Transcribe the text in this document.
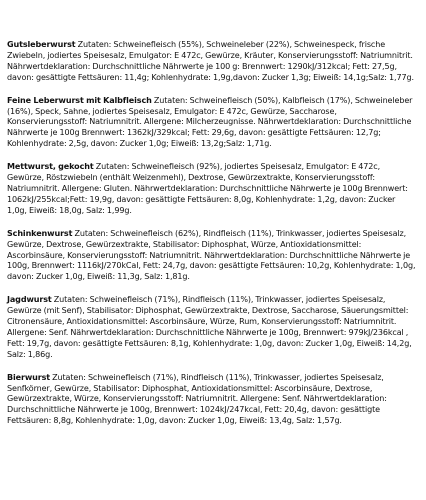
Gutsleberwurst Zutaten: Schweinefleisch (55%), Schweineleber (22%), Schweinespeck, frische Zwiebeln, jodiertes Speisesalz, Emulgator: E 472c, Gewürze, Kräuter, Konservierungsstoff: Natriumnitrit. Nährwertdeklaration: Durchschnittliche Nährwerte je 100 g: Brennwert: 1290kJ/312kcal; Fett: 27,5g, davon: gesättigte Fettsäuren: 11,4g; Kohlenhydrate: 1,9g,davon: Zucker 1,3g; Eiweiß: 14,1g;Salz: 1,77g.

Feine Leberwurst mit Kalbfleisch Zutaten: Schweinefleisch (50%), Kalbfleisch (17%), Schweineleber (16%), Speck, Sahne, jodiertes Speisesalz, Emulgator: E 472c, Gewürze, Saccharose, Konservierungsstoff: Natriumnitrit. Allergene: Milcherzeugnisse. Nährwertdeklaration: Durchschnittliche Nährwerte je 100g Brennwert: 1362kJ/329kcal; Fett: 29,6g, davon: gesättigte Fettsäuren: 12,7g; Kohlenhydrate: 2,5g, davon: Zucker 1,0g; Eiweiß: 13,2g;Salz: 1,71g.

Mettwurst, gekocht Zutaten: Schweinefleisch (92%), jodiertes Speisesalz, Emulgator: E 472c, Gewürze, Röstzwiebeln (enthält Weizenmehl), Dextrose, Gewürzextrakte, Konservierungsstoff: Natriumnitrit. Allergene: Gluten. Nährwertdeklaration: Durchschnittliche Nährwerte je 100g Brennwert: 1062kJ/255kcal;Fett: 19,9g, davon: gesättigte Fettsäuren: 8,0g, Kohlenhydrate: 1,2g, davon: Zucker 1,0g, Eiweiß: 18,0g, Salz: 1,99g.

Schinkenwurst Zutaten: Schweinefleisch (62%), Rindfleisch (11%), Trinkwasser, jodiertes Speisesalz, Gewürze, Dextrose, Gewürzextrakte, Stabilisator: Diphosphat, Würze, Antioxidationsmittel: Ascorbinsäure, Konservierungsstoff: Natriumnitrit. Nährwertdeklaration: Durchschnittliche Nährwerte je 100g, Brennwert: 1116kJ/270kCal, Fett: 24,7g, davon: gesättigte Fettsäuren: 10,2g, Kohlenhydrate: 1,0g, davon: Zucker 1,0g, Eiweiß: 11,3g, Salz: 1,81g.

Jagdwurst Zutaten: Schweinefleisch (71%), Rindfleisch (11%), Trinkwasser, jodiertes Speisesalz, Gewürze (mit Senf), Stabilisator: Diphosphat, Gewürzextrakte, Dextrose, Saccharose, Säuerungsmittel: Citronensäure, Antioxidationsmittel: Ascorbinsäure, Würze, Rum, Konservierungsstoff: Natriumnitrit. Allergene: Senf. Nährwertdeklaration: Durchschnittliche Nährwerte je 100g, Brennwert: 979kJ/236kcal , Fett: 19,7g, davon: gesättigte Fettsäuren: 8,1g, Kohlenhydrate: 1,0g, davon: Zucker 1,0g, Eiweiß: 14,2g, Salz: 1,86g.

Bierwurst Zutaten: Schweinefleisch (71%), Rindfleisch (11%), Trinkwasser, jodiertes Speisesalz, Senfkörner, Gewürze, Stabilisator: Diphosphat, Antioxidationsmittel: Ascorbinsäure, Dextrose, Gewürzextrakte, Würze, Konservierungsstoff: Natriumnitrit. Allergene: Senf. Nährwertdeklaration: Durchschnittliche Nährwerte je 100g, Brennwert: 1024kJ/247kcal, Fett: 20,4g, davon: gesättigte Fettsäuren: 8,8g, Kohlenhydrate: 1,0g, davon: Zucker 1,0g, Eiweiß: 13,4g, Salz: 1,57g.
